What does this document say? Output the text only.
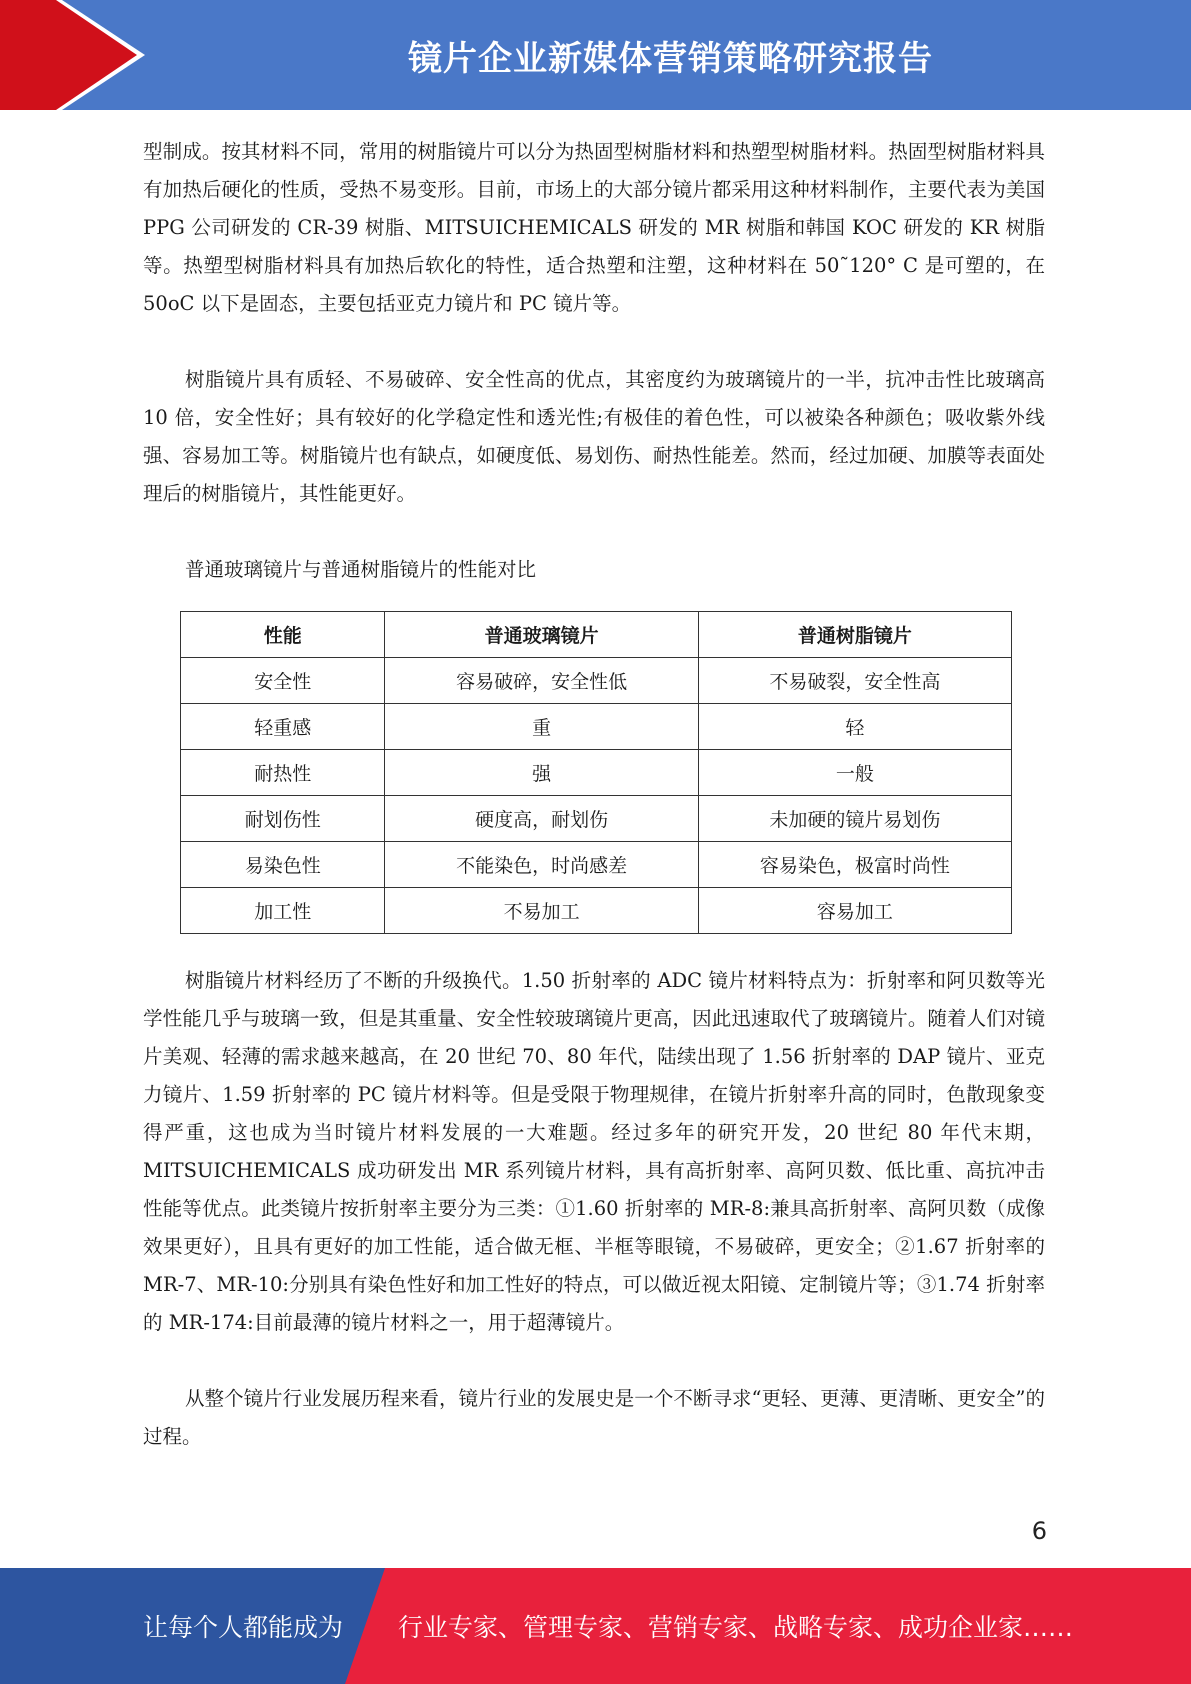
镜片企业新媒体营销策略研究报告

型制成。按其材料不同，常用的树脂镜片可以分为热固型树脂材料和热塑型树脂材料。热固型树脂材料具有加热后硬化的性质，受热不易变形。目前，市场上的大部分镜片都采用这种材料制作，主要代表为美国 PPG 公司研发的 CR-39 树脂、MITSUICHEMICALS 研发的 MR 树脂和韩国 KOC 研发的 KR 树脂等。热塑型树脂材料具有加热后软化的特性，适合热塑和注塑，这种材料在 50˜120° C 是可塑的，在 50oC 以下是固态，主要包括亚克力镜片和 PC 镜片等。

树脂镜片具有质轻、不易破碎、安全性高的优点，其密度约为玻璃镜片的一半，抗冲击性比玻璃高 10 倍，安全性好；具有较好的化学稳定性和透光性;有极佳的着色性，可以被染各种颜色；吸收紫外线强、容易加工等。树脂镜片也有缺点，如硬度低、易划伤、耐热性能差。然而，经过加硬、加膜等表面处理后的树脂镜片，其性能更好。

普通玻璃镜片与普通树脂镜片的性能对比

性能	普通玻璃镜片	普通树脂镜片
安全性	容易破碎，安全性低	不易破裂，安全性高
轻重感	重	轻
耐热性	强	一般
耐划伤性	硬度高，耐划伤	未加硬的镜片易划伤
易染色性	不能染色，时尚感差	容易染色，极富时尚性
加工性	不易加工	容易加工

树脂镜片材料经历了不断的升级换代。1.50 折射率的 ADC 镜片材料特点为：折射率和阿贝数等光学性能几乎与玻璃一致，但是其重量、安全性较玻璃镜片更高，因此迅速取代了玻璃镜片。随着人们对镜片美观、轻薄的需求越来越高，在 20 世纪 70、80 年代，陆续出现了 1.56 折射率的 DAP 镜片、亚克力镜片、1.59 折射率的 PC 镜片材料等。但是受限于物理规律，在镜片折射率升高的同时，色散现象变得严重，这也成为当时镜片材料发展的一大难题。经过多年的研究开发，20 世纪 80 年代末期，MITSUICHEMICALS 成功研发出 MR 系列镜片材料，具有高折射率、高阿贝数、低比重、高抗冲击性能等优点。此类镜片按折射率主要分为三类：①1.60 折射率的 MR-8:兼具高折射率、高阿贝数（成像效果更好），且具有更好的加工性能，适合做无框、半框等眼镜，不易破碎，更安全；②1.67 折射率的 MR-7、MR-10:分别具有染色性好和加工性好的特点，可以做近视太阳镜、定制镜片等；③1.74 折射率的 MR-174:目前最薄的镜片材料之一，用于超薄镜片。

从整个镜片行业发展历程来看，镜片行业的发展史是一个不断寻求“更轻、更薄、更清晰、更安全”的过程。

6
让每个人都能成为 行业专家、管理专家、营销专家、战略专家、成功企业家……
